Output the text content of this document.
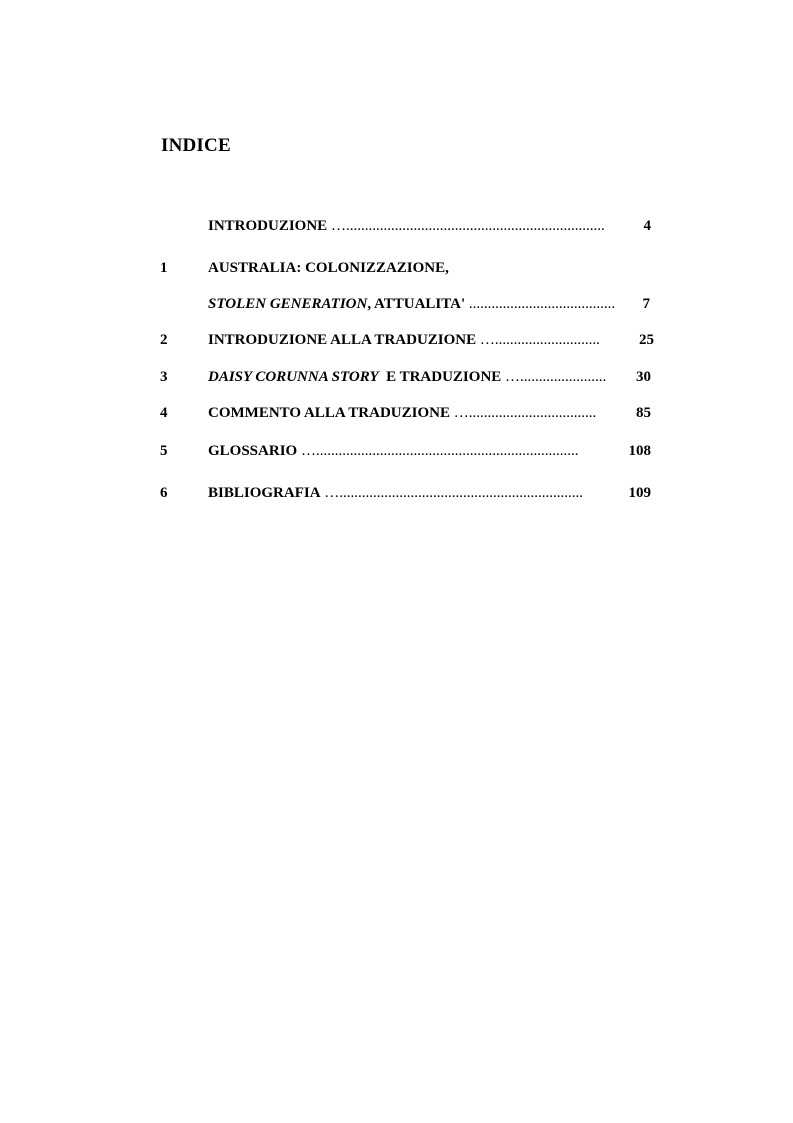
INDICE
INTRODUZIONE ….....................................................................	4
1	AUSTRALIA: COLONIZZAZIONE,
STOLEN GENERATION, ATTUALITA' ....................................... 7
2	INTRODUZIONE ALLA TRADUZIONE …............................	25
3	DAISY CORUNNA STORY  E TRADUZIONE …....................... 30
4	COMMENTO ALLA TRADUZIONE …..................................	85
5	GLOSSARIO …......................................................................	108
6	BIBLIOGRAFIA ….................................................................	109
